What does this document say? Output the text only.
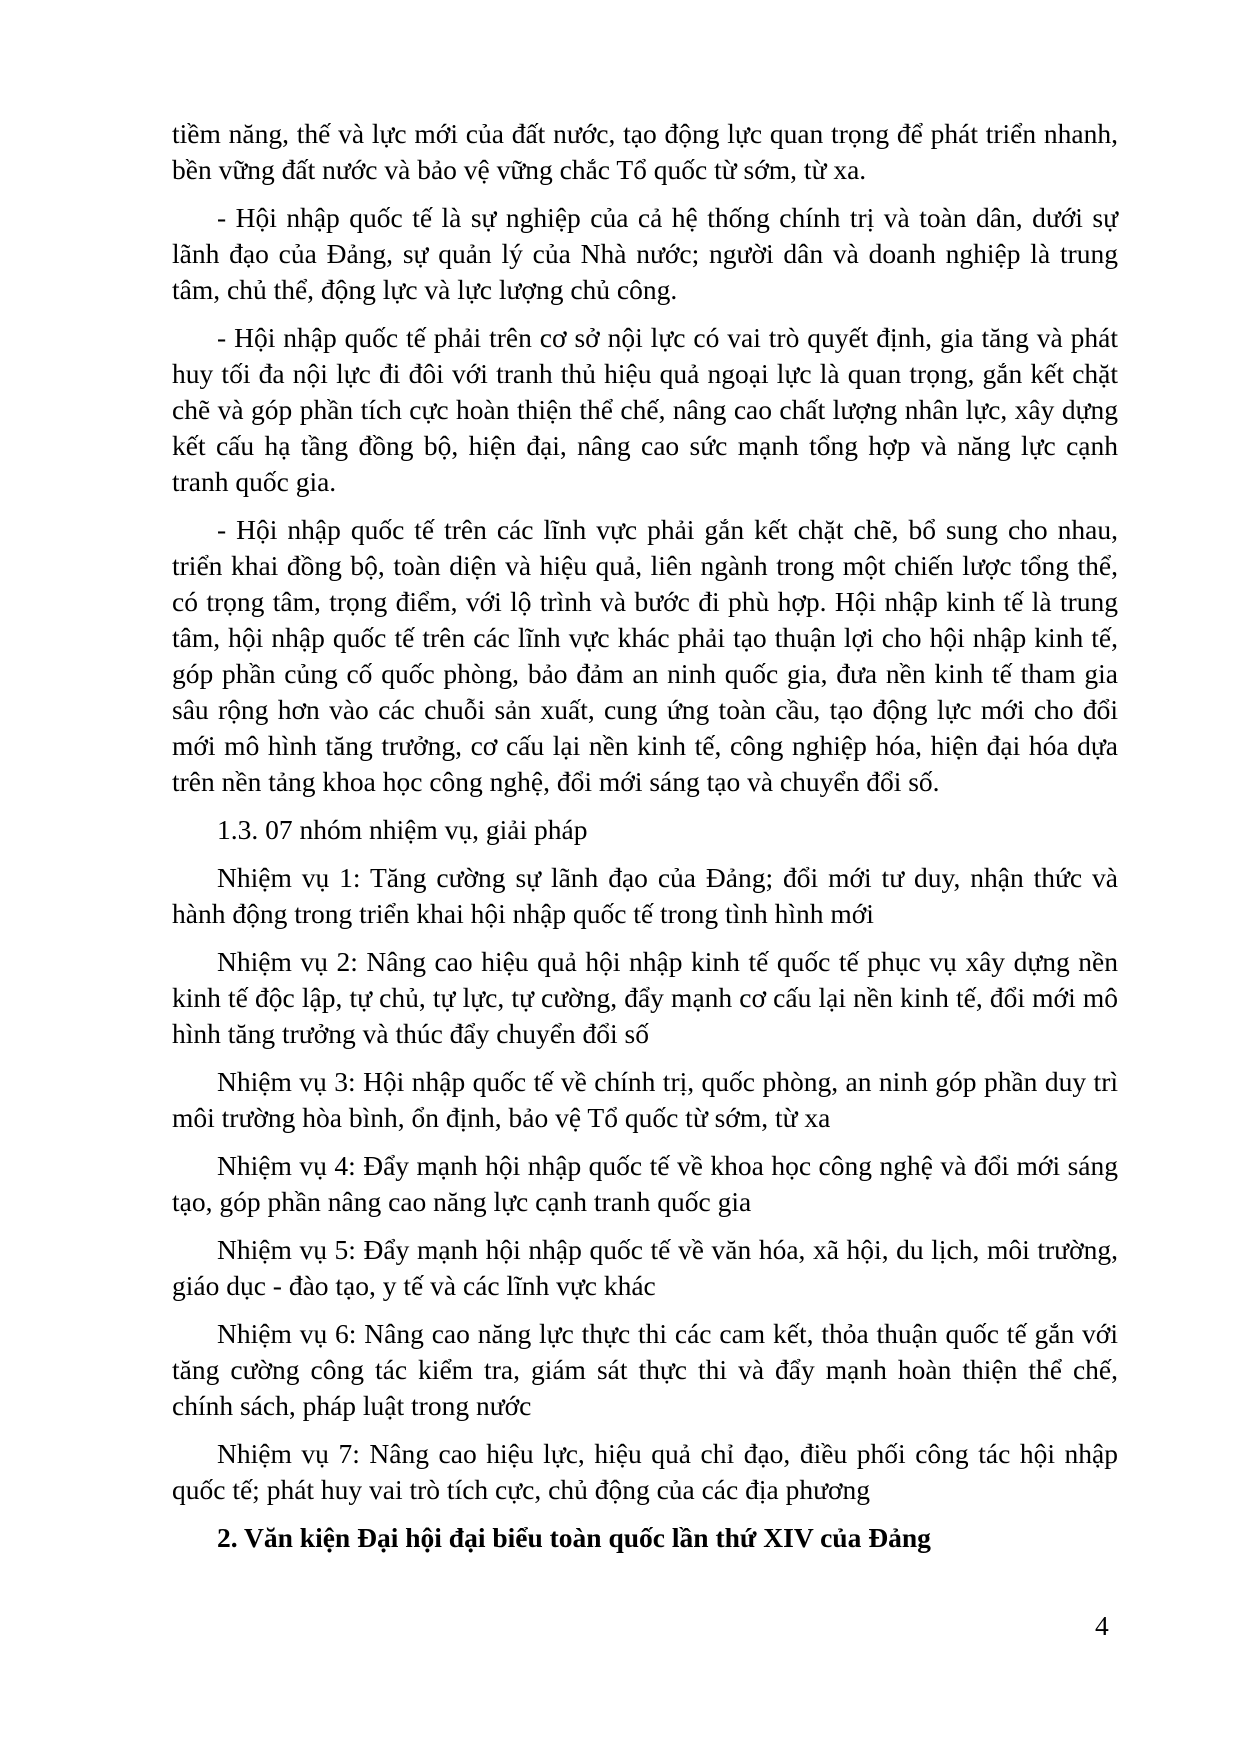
tiềm năng, thế và lực mới của đất nước, tạo động lực quan trọng để phát triển nhanh, bền vững đất nước và bảo vệ vững chắc Tổ quốc từ sớm, từ xa.

- Hội nhập quốc tế là sự nghiệp của cả hệ thống chính trị và toàn dân, dưới sự lãnh đạo của Đảng, sự quản lý của Nhà nước; người dân và doanh nghiệp là trung tâm, chủ thể, động lực và lực lượng chủ công.

- Hội nhập quốc tế phải trên cơ sở nội lực có vai trò quyết định, gia tăng và phát huy tối đa nội lực đi đôi với tranh thủ hiệu quả ngoại lực là quan trọng, gắn kết chặt chẽ và góp phần tích cực hoàn thiện thể chế, nâng cao chất lượng nhân lực, xây dựng kết cấu hạ tầng đồng bộ, hiện đại, nâng cao sức mạnh tổng hợp và năng lực cạnh tranh quốc gia.

- Hội nhập quốc tế trên các lĩnh vực phải gắn kết chặt chẽ, bổ sung cho nhau, triển khai đồng bộ, toàn diện và hiệu quả, liên ngành trong một chiến lược tổng thể, có trọng tâm, trọng điểm, với lộ trình và bước đi phù hợp. Hội nhập kinh tế là trung tâm, hội nhập quốc tế trên các lĩnh vực khác phải tạo thuận lợi cho hội nhập kinh tế, góp phần củng cố quốc phòng, bảo đảm an ninh quốc gia, đưa nền kinh tế tham gia sâu rộng hơn vào các chuỗi sản xuất, cung ứng toàn cầu, tạo động lực mới cho đổi mới mô hình tăng trưởng, cơ cấu lại nền kinh tế, công nghiệp hóa, hiện đại hóa dựa trên nền tảng khoa học công nghệ, đổi mới sáng tạo và chuyển đổi số.

1.3. 07 nhóm nhiệm vụ, giải pháp

Nhiệm vụ 1: Tăng cường sự lãnh đạo của Đảng; đổi mới tư duy, nhận thức và hành động trong triển khai hội nhập quốc tế trong tình hình mới

Nhiệm vụ 2: Nâng cao hiệu quả hội nhập kinh tế quốc tế phục vụ xây dựng nền kinh tế độc lập, tự chủ, tự lực, tự cường, đẩy mạnh cơ cấu lại nền kinh tế, đổi mới mô hình tăng trưởng và thúc đẩy chuyển đổi số

Nhiệm vụ 3: Hội nhập quốc tế về chính trị, quốc phòng, an ninh góp phần duy trì môi trường hòa bình, ổn định, bảo vệ Tổ quốc từ sớm, từ xa

Nhiệm vụ 4: Đẩy mạnh hội nhập quốc tế về khoa học công nghệ và đổi mới sáng tạo, góp phần nâng cao năng lực cạnh tranh quốc gia

Nhiệm vụ 5: Đẩy mạnh hội nhập quốc tế về văn hóa, xã hội, du lịch, môi trường, giáo dục - đào tạo, y tế và các lĩnh vực khác

Nhiệm vụ 6: Nâng cao năng lực thực thi các cam kết, thỏa thuận quốc tế gắn với tăng cường công tác kiểm tra, giám sát thực thi và đẩy mạnh hoàn thiện thể chế, chính sách, pháp luật trong nước

Nhiệm vụ 7: Nâng cao hiệu lực, hiệu quả chỉ đạo, điều phối công tác hội nhập quốc tế; phát huy vai trò tích cực, chủ động của các địa phương

2. Văn kiện Đại hội đại biểu toàn quốc lần thứ XIV của Đảng

4
